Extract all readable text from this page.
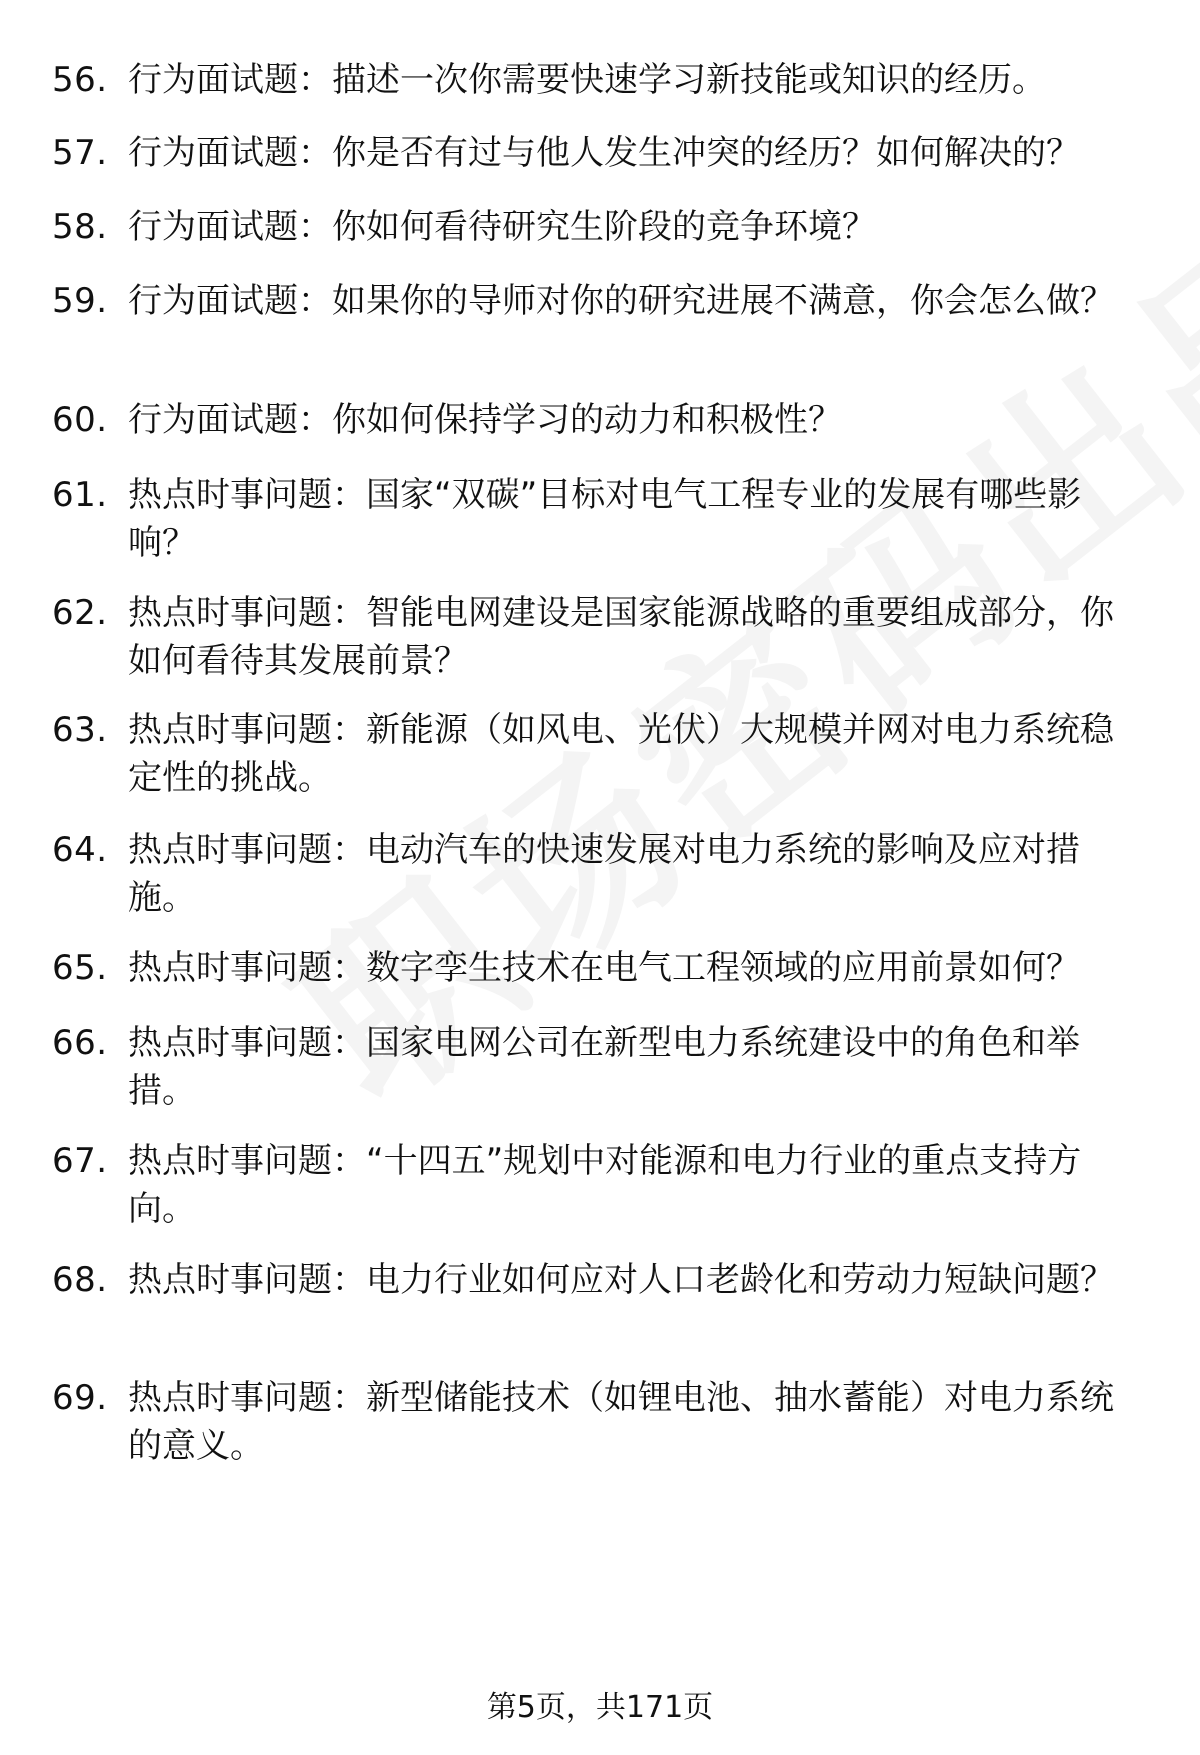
56. 行为面试题：描述一次你需要快速学习新技能或知识的经历。
57. 行为面试题：你是否有过与他人发生冲突的经历？如何解决的？
58. 行为面试题：你如何看待研究生阶段的竞争环境？
59. 行为面试题：如果你的导师对你的研究进展不满意，你会怎么做？
60. 行为面试题：你如何保持学习的动力和积极性？
61. 热点时事问题：国家“双碳”目标对电气工程专业的发展有哪些影响？
62. 热点时事问题：智能电网建设是国家能源战略的重要组成部分，你如何看待其发展前景？
63. 热点时事问题：新能源（如风电、光伏）大规模并网对电力系统稳定性的挑战。
64. 热点时事问题：电动汽车的快速发展对电力系统的影响及应对措施。
65. 热点时事问题：数字孪生技术在电气工程领域的应用前景如何？
66. 热点时事问题：国家电网公司在新型电力系统建设中的角色和举措。
67. 热点时事问题：“十四五”规划中对能源和电力行业的重点支持方向。
68. 热点时事问题：电力行业如何应对人口老龄化和劳动力短缺问题？
69. 热点时事问题：新型储能技术（如锂电池、抽水蓄能）对电力系统的意义。
第5页，共171页
